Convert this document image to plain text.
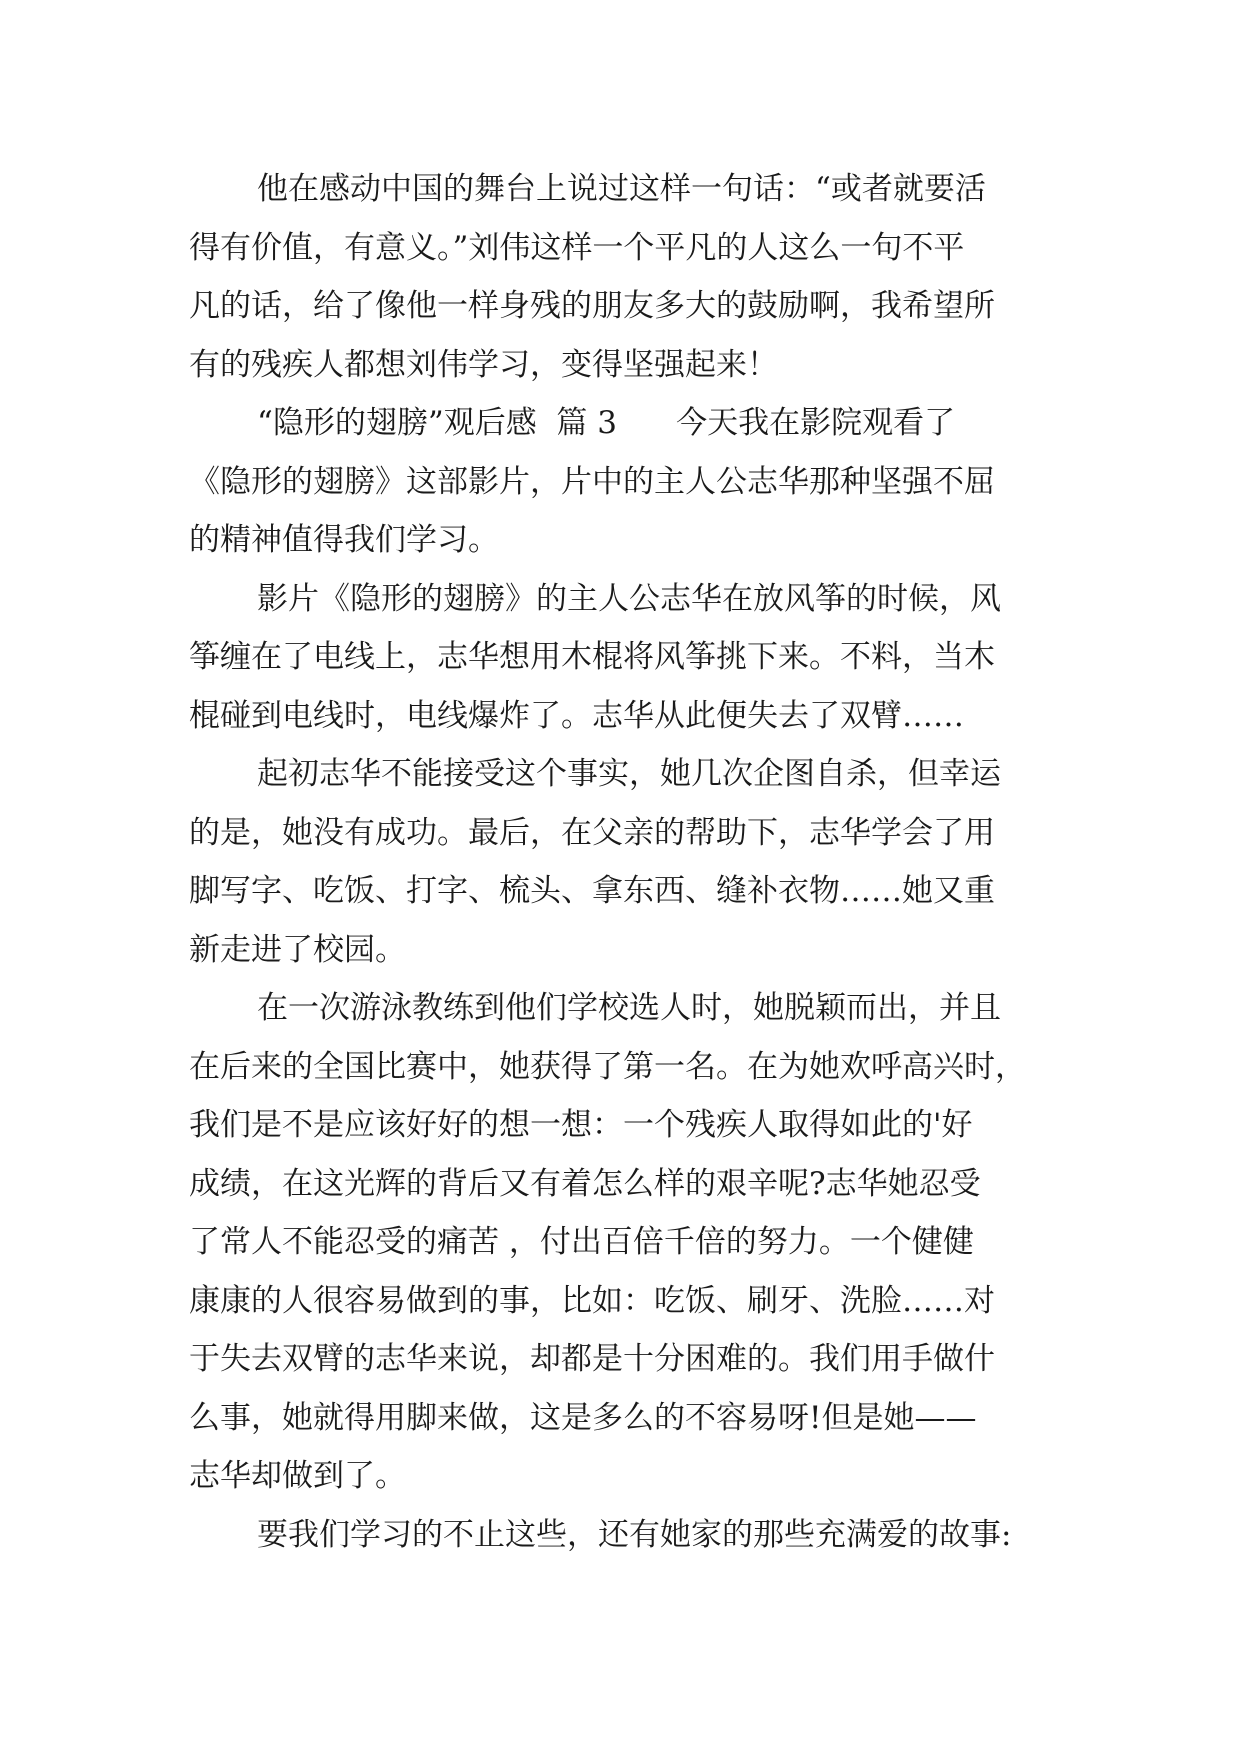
他在感动中国的舞台上说过这样一句话：“或者就要活
得有价值，有意义。”刘伟这样一个平凡的人这么一句不平
凡的话，给了像他一样身残的朋友多大的鼓励啊，我希望所
有的残疾人都想刘伟学习，变得坚强起来！
“隐形的翅膀”观后感  篇 3      今天我在影院观看了
《隐形的翅膀》这部影片，片中的主人公志华那种坚强不屈
的精神值得我们学习。
影片《隐形的翅膀》的主人公志华在放风筝的时候，风
筝缠在了电线上，志华想用木棍将风筝挑下来。不料，当木
棍碰到电线时，电线爆炸了。志华从此便失去了双臂……
起初志华不能接受这个事实，她几次企图自杀，但幸运
的是，她没有成功。最后，在父亲的帮助下，志华学会了用
脚写字、吃饭、打字、梳头、拿东西、缝补衣物……她又重
新走进了校园。
在一次游泳教练到他们学校选人时，她脱颖而出，并且
在后来的全国比赛中，她获得了第一名。在为她欢呼高兴时，
我们是不是应该好好的想一想：一个残疾人取得如此的'好
成绩，在这光辉的背后又有着怎么样的艰辛呢?志华她忍受
了常人不能忍受的痛苦 ，付出百倍千倍的努力。一个健健
康康的人很容易做到的事，比如：吃饭、刷牙、洗脸……对
于失去双臂的志华来说，却都是十分困难的。我们用手做什
么事，她就得用脚来做，这是多么的不容易呀!但是她——
志华却做到了。
要我们学习的不止这些，还有她家的那些充满爱的故事:
